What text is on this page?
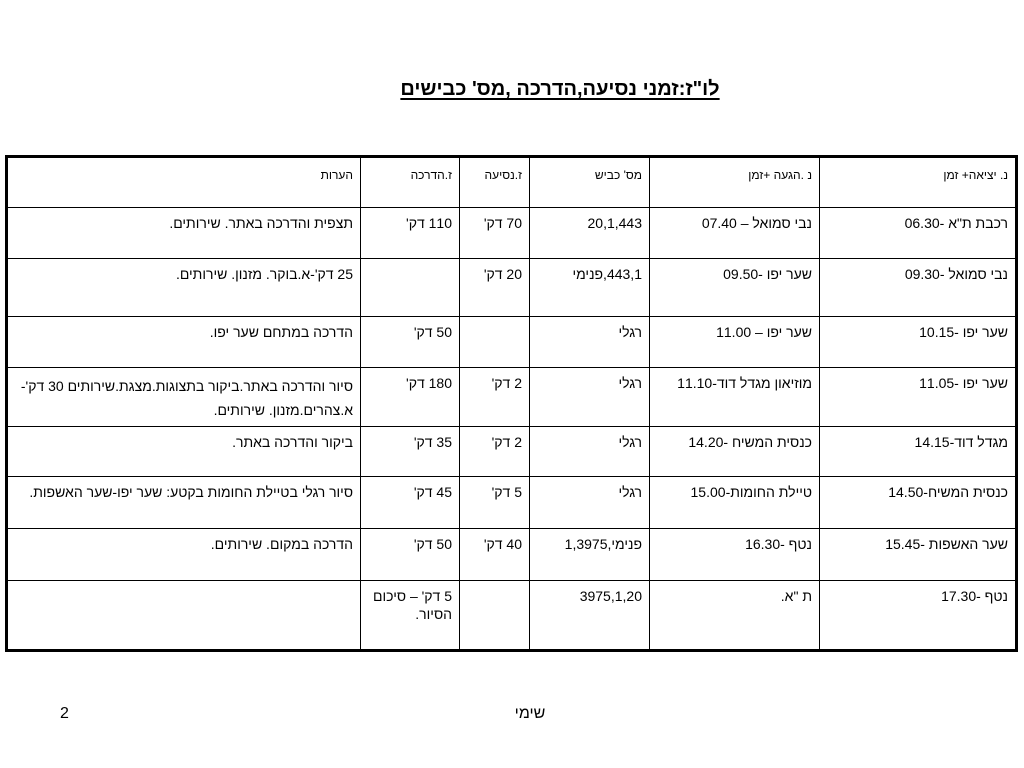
לו"ז:זמני נסיעה,הדרכה ,מס' כבישים
נ. יציאה+ זמן	נ .הגעה +זמן	מס' כביש	ז.נסיעה	ז.הדרכה	הערות
רכבת ת"א -06.30	נבי סמואל – 07.40	20,1,443	70 דק'	110 דק'	תצפית והדרכה באתר. שירותים.
נבי סמואל -09.30	שער יפו -09.50	443,1,פנימי	20 דק'		25 דק'-א.בוקר. מזנון. שירותים.
שער יפו -10.15	שער יפו – 11.00	רגלי		50 דק'	הדרכה במתחם שער יפו.
שער יפו -11.05	מוזיאון מגדל דוד-11.10	רגלי	2 דק'	180 דק'	סיור והדרכה באתר.ביקור בתצוגות.מצגת.שירותים 30 דק'-א.צהרים.מזנון. שירותים.
מגדל דוד-14.15	כנסית המשיח -14.20	רגלי	2 דק'	35 דק'	ביקור והדרכה באתר.
כנסית המשיח-14.50	טיילת החומות-15.00	רגלי	5 דק'	45 דק'	סיור רגלי בטיילת החומות בקטע: שער יפו-שער האשפות.
שער האשפות -15.45	נטף -16.30	פנימי,1,3975	40 דק'	50 דק'	הדרכה במקום. שירותים.
נטף -17.30	ת "א.	3975,1,20		5 דק' – סיכום הסיור.	
שימי
2
